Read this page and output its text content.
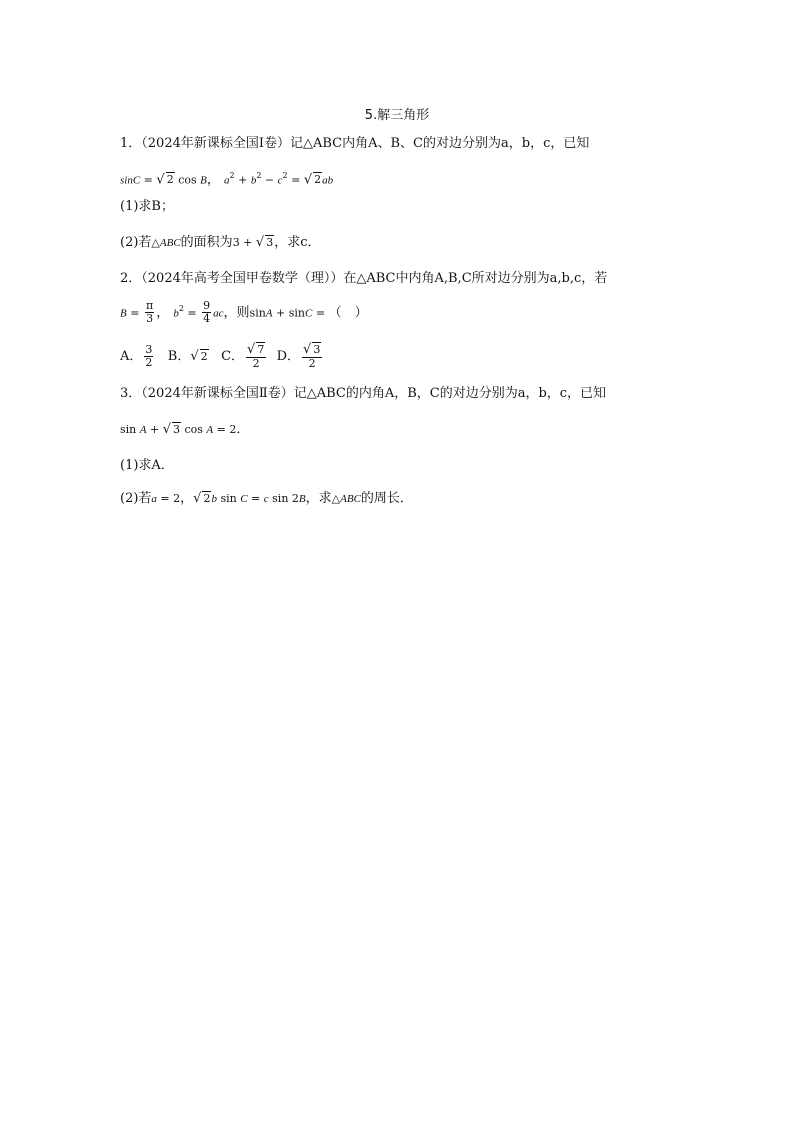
5.解三角形
1．（2024年新课标全国Ⅰ卷）记△ABC内角A、B、C的对边分别为a，b，c，已知
sinC = √ 2 cos B， $a^2 + b^2 - c^2$ = √ 2ab
(1)求B；
(2)若△ABC的面积为3 + √ 3，求c．
2．（2024年高考全国甲卷数学（理））在△ABC中内角A,B,C所对边分别为a,b,c，若
$B = \frac{\pi}{3}$ ， $b^2 = \frac{9}{4}$ ac，则sinA + sinC = （　）
A． $\frac{3}{2}$ B．√ 2 C． $\frac{√ 7}{2}$ D． $\frac{√ 3}{2}$
3．（2024年新课标全国Ⅱ卷）记△ABC的内角A，B，C的对边分别为a，b，c，已知
sin A + √ 3 cos A = 2．
(1)求A．
(2)若a = 2，√ 2b sin C = c sin 2B，求△ABC的周长．
